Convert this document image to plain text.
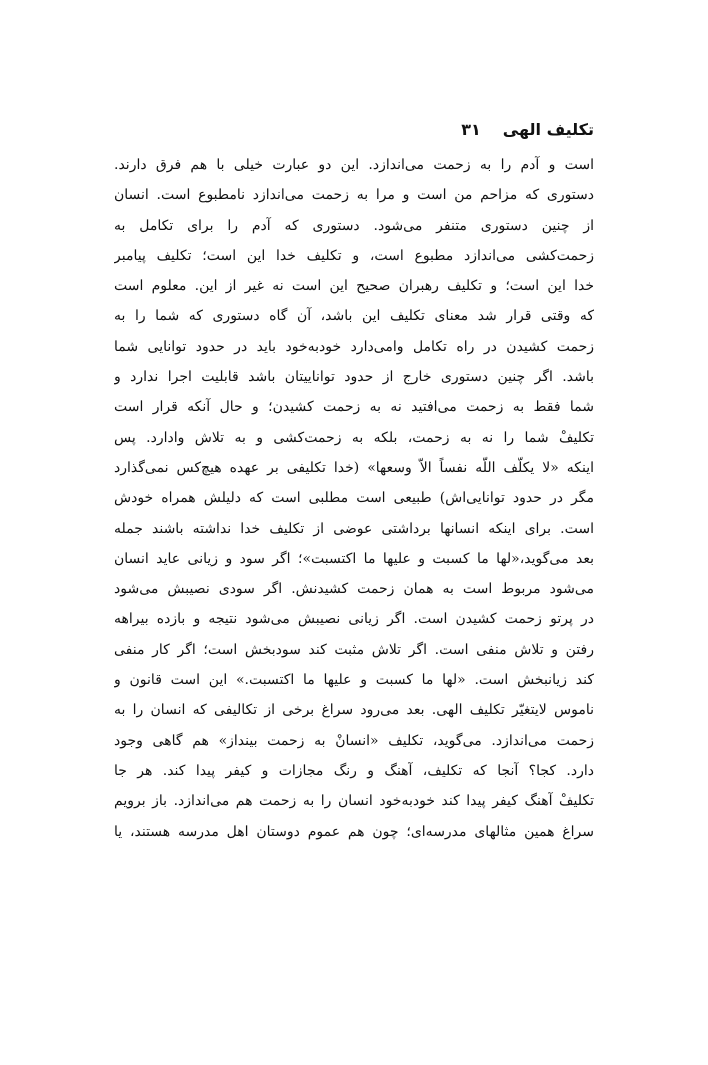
تکلیف الهی
۳۱
است و آدم را به زحمت می‌اندازد. این دو عبارت خیلی با هم فرق دارند.
دستوری که مزاحم من است و مرا به زحمت می‌اندازد نامطبوع است. انسان
از چنین دستوری متنفر می‌شود. دستوری که آدم را برای تکامل به
زحمت‌کشی می‌اندازد مطبوع است، و تکلیف خدا این است؛ تکلیف پیامبر
خدا این است؛ و تکلیف رهبران صحیح این است نه غیر از این. معلوم است
که وقتی قرار شد معنای تکلیف این باشد، آن گاه دستوری که شما را به
زحمت کشیدن در راه تکامل وامی‌دارد خودبه‌خود باید در حدود توانایی شما
باشد. اگر چنین دستوری خارج از حدود تواناییتان باشد قابلیت اجرا ندارد و
شما فقط به زحمت می‌افتید نه به زحمت کشیدن؛ و حال آنکه قرار است
تکلیفْ شما را نه به زحمت، بلکه به زحمت‌کشی و به تلاش وادارد. پس
اینکه «لا یکلّف اللّه نفساً الاّ وسعها» (خدا تکلیفی بر عهده هیچ‌کس نمی‌گذارد
مگر در حدود توانایی‌اش) طبیعی است مطلبی است که دلیلش همراه خودش
است. برای اینکه انسانها برداشتی عوضی از تکلیف خدا نداشته باشند جمله
بعد می‌گوید،«لها ما کسبت و علیها ما اکتسبت»؛ اگر سود و زیانی عاید انسان
می‌شود مربوط است به همان زحمت کشیدنش. اگر سودی نصیبش می‌شود
در پرتو زحمت کشیدن است. اگر زیانی نصیبش می‌شود نتیجه و بازده بیراهه
رفتن و تلاش منفی است. اگر تلاش مثبت کند سودبخش است؛ اگر کار منفی
کند زیانبخش است. «لها ما کسبت و علیها ما اکتسبت.» این است قانون و
ناموس لایتغیّر تکلیف الهی. بعد می‌رود سراغ برخی از تکالیفی که انسان را به
زحمت می‌اندازد. می‌گوید، تکلیف «انسانْ به زحمت بینداز» هم گاهی وجود
دارد. کجا؟ آنجا که تکلیف، آهنگ و رنگ مجازات و کیفر پیدا کند. هر جا
تکلیفْ آهنگ کیفر پیدا کند خودبه‌خود انسان را به زحمت هم می‌اندازد. باز برویم
سراغ همین مثالهای مدرسه‌ای؛ چون هم عموم دوستان اهل مدرسه هستند، یا
